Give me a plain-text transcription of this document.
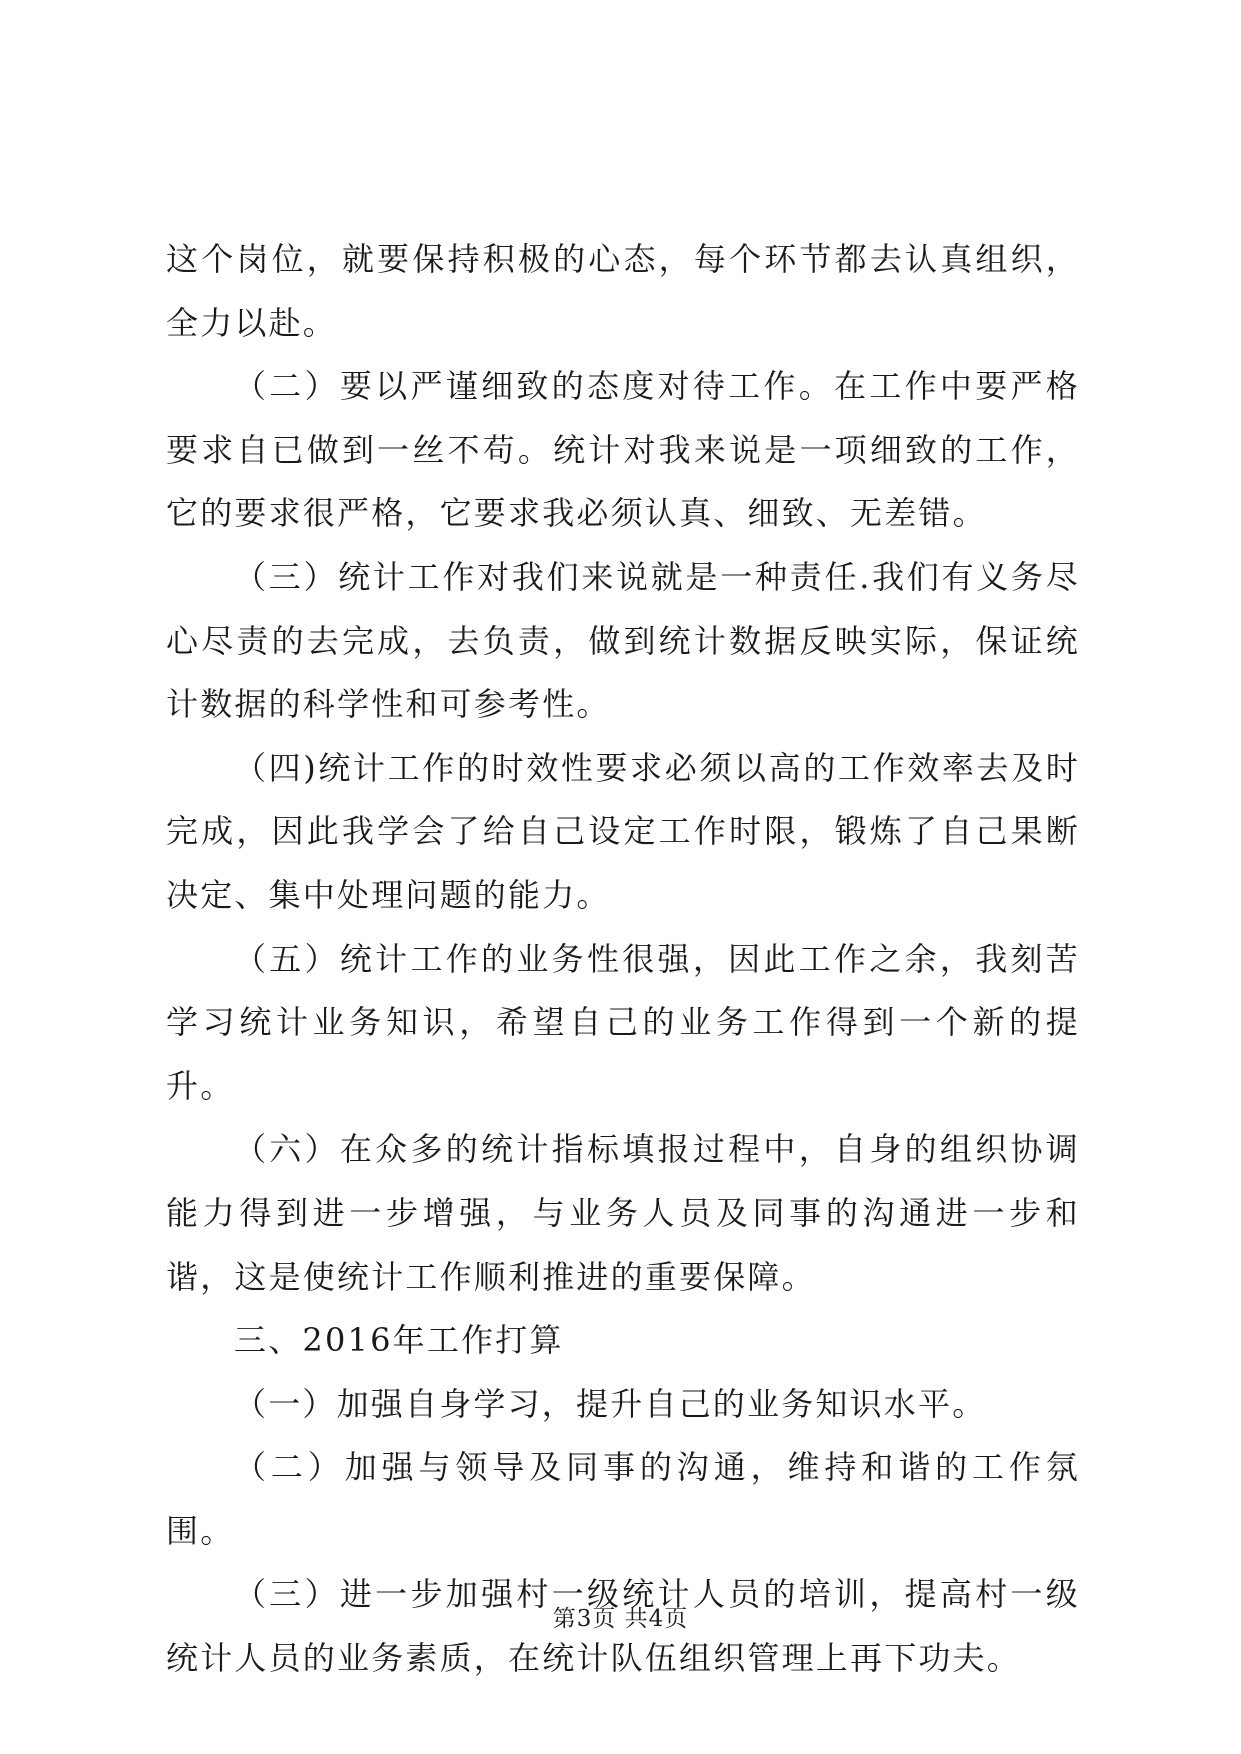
这个岗位，就要保持积极的心态，每个环节都去认真组织，全力以赴。

（二）要以严谨细致的态度对待工作。在工作中要严格要求自已做到一丝不苟。统计对我来说是一项细致的工作，它的要求很严格，它要求我必须认真、细致、无差错。

（三）统计工作对我们来说就是一种责任.我们有义务尽心尽责的去完成，去负责，做到统计数据反映实际，保证统计数据的科学性和可参考性。

（四)统计工作的时效性要求必须以高的工作效率去及时完成，因此我学会了给自己设定工作时限，锻炼了自己果断决定、集中处理问题的能力。

（五）统计工作的业务性很强，因此工作之余，我刻苦学习统计业务知识，希望自己的业务工作得到一个新的提升。

（六）在众多的统计指标填报过程中，自身的组织协调能力得到进一步增强，与业务人员及同事的沟通进一步和谐，这是使统计工作顺利推进的重要保障。

三、2016年工作打算

（一）加强自身学习，提升自己的业务知识水平。

（二）加强与领导及同事的沟通，维持和谐的工作氛围。

（三）进一步加强村一级统计人员的培训，提高村一级统计人员的业务素质，在统计队伍组织管理上再下功夫。

第3页 共4页
